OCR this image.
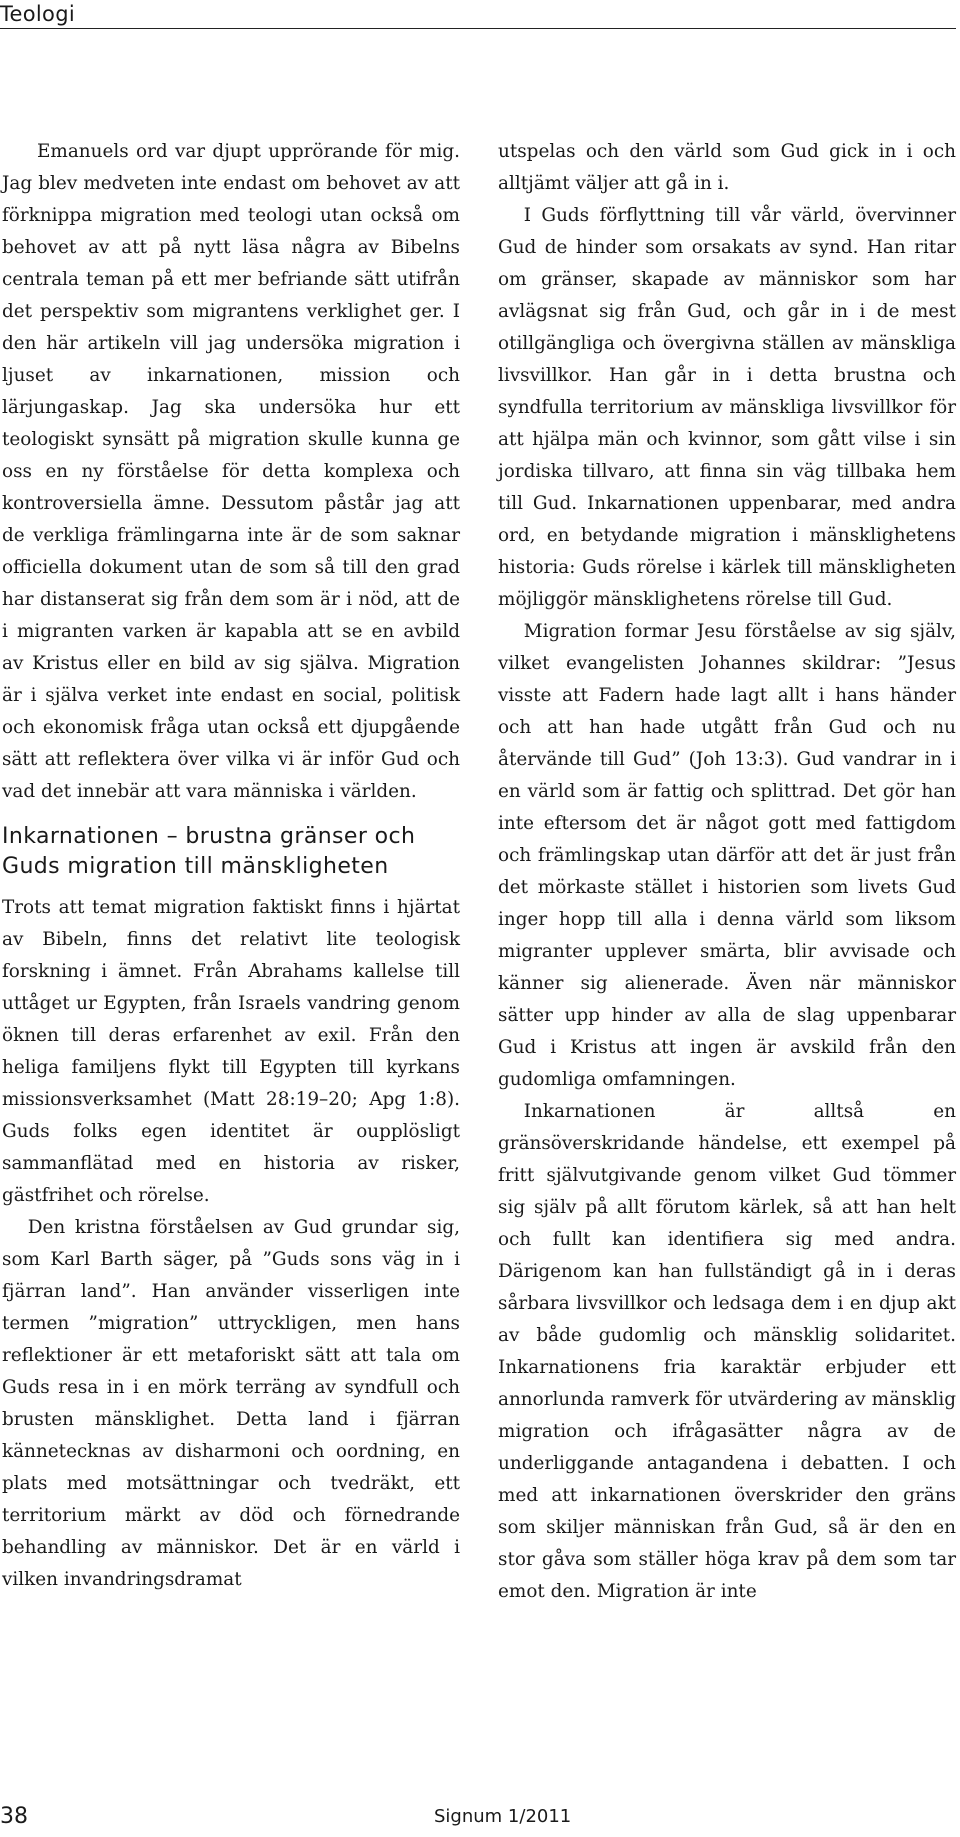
Teologi

Emanuels ord var djupt upprörande för mig. Jag blev medveten inte endast om behovet av att förknippa migration med teologi utan också om behovet av att på nytt läsa några av Bibelns centrala teman på ett mer befriande sätt utifrån det perspektiv som migrantens verklighet ger. I den här artikeln vill jag undersöka migration i ljuset av inkarnationen, mission och lärjungaskap. Jag ska undersöka hur ett teologiskt synsätt på migration skulle kunna ge oss en ny förståelse för detta komplexa och kontroversiella ämne. Dessutom påstår jag att de verkliga främlingarna inte är de som saknar officiella dokument utan de som så till den grad har distanserat sig från dem som är i nöd, att de i migranten varken är kapabla att se en avbild av Kristus eller en bild av sig själva. Migration är i själva verket inte endast en social, politisk och ekonomisk fråga utan också ett djupgående sätt att reflektera över vilka vi är inför Gud och vad det innebär att vara människa i världen.

Inkarnationen – brustna gränser och Guds migration till mänskligheten

Trots att temat migration faktiskt finns i hjärtat av Bibeln, finns det relativt lite teologisk forskning i ämnet. Från Abrahams kallelse till uttåget ur Egypten, från Israels vandring genom öknen till deras erfarenhet av exil. Från den heliga familjens flykt till Egypten till kyrkans missionsverksamhet (Matt 28:19–20; Apg 1:8). Guds folks egen identitet är oupplösligt sammanflätad med en historia av risker, gästfrihet och rörelse.

Den kristna förståelsen av Gud grundar sig, som Karl Barth säger, på ”Guds sons väg in i fjärran land”. Han använder visserligen inte termen ”migration” uttryckligen, men hans reflektioner är ett metaforiskt sätt att tala om Guds resa in i en mörk terräng av syndfull och brusten mänsklighet. Detta land i fjärran kännetecknas av disharmoni och oordning, en plats med motsättningar och tvedräkt, ett territorium märkt av död och förnedrande behandling av människor. Det är en värld i vilken invandringsdramat

utspelas och den värld som Gud gick in i och alltjämt väljer att gå in i.

I Guds förflyttning till vår värld, övervinner Gud de hinder som orsakats av synd. Han ritar om gränser, skapade av människor som har avlägsnat sig från Gud, och går in i de mest otillgängliga och övergivna ställen av mänskliga livsvillkor. Han går in i detta brustna och syndfulla territorium av mänskliga livsvillkor för att hjälpa män och kvinnor, som gått vilse i sin jordiska tillvaro, att finna sin väg tillbaka hem till Gud. Inkarnationen uppenbarar, med andra ord, en betydande migration i mänsklighetens historia: Guds rörelse i kärlek till mänskligheten möjliggör mänsklighetens rörelse till Gud.

Migration formar Jesu förståelse av sig själv, vilket evangelisten Johannes skildrar: ”Jesus visste att Fadern hade lagt allt i hans händer och att han hade utgått från Gud och nu återvände till Gud” (Joh 13:3). Gud vandrar in i en värld som är fattig och splittrad. Det gör han inte eftersom det är något gott med fattigdom och främlingskap utan därför att det är just från det mörkaste stället i historien som livets Gud inger hopp till alla i denna värld som liksom migranter upplever smärta, blir avvisade och känner sig alienerade. Även när människor sätter upp hinder av alla de slag uppenbarar Gud i Kristus att ingen är avskild från den gudomliga omfamningen.

Inkarnationen är alltså en gränsöverskridande händelse, ett exempel på fritt självutgivande genom vilket Gud tömmer sig själv på allt förutom kärlek, så att han helt och fullt kan identifiera sig med andra. Därigenom kan han fullständigt gå in i deras sårbara livsvillkor och ledsaga dem i en djup akt av både gudomlig och mänsklig solidaritet. Inkarnationens fria karaktär erbjuder ett annorlunda ramverk för utvärdering av mänsklig migration och ifrågasätter några av de underliggande antagandena i debatten. I och med att inkarnationen överskrider den gräns som skiljer människan från Gud, så är den en stor gåva som ställer höga krav på dem som tar emot den. Migration är inte

38	Signum 1/2011
